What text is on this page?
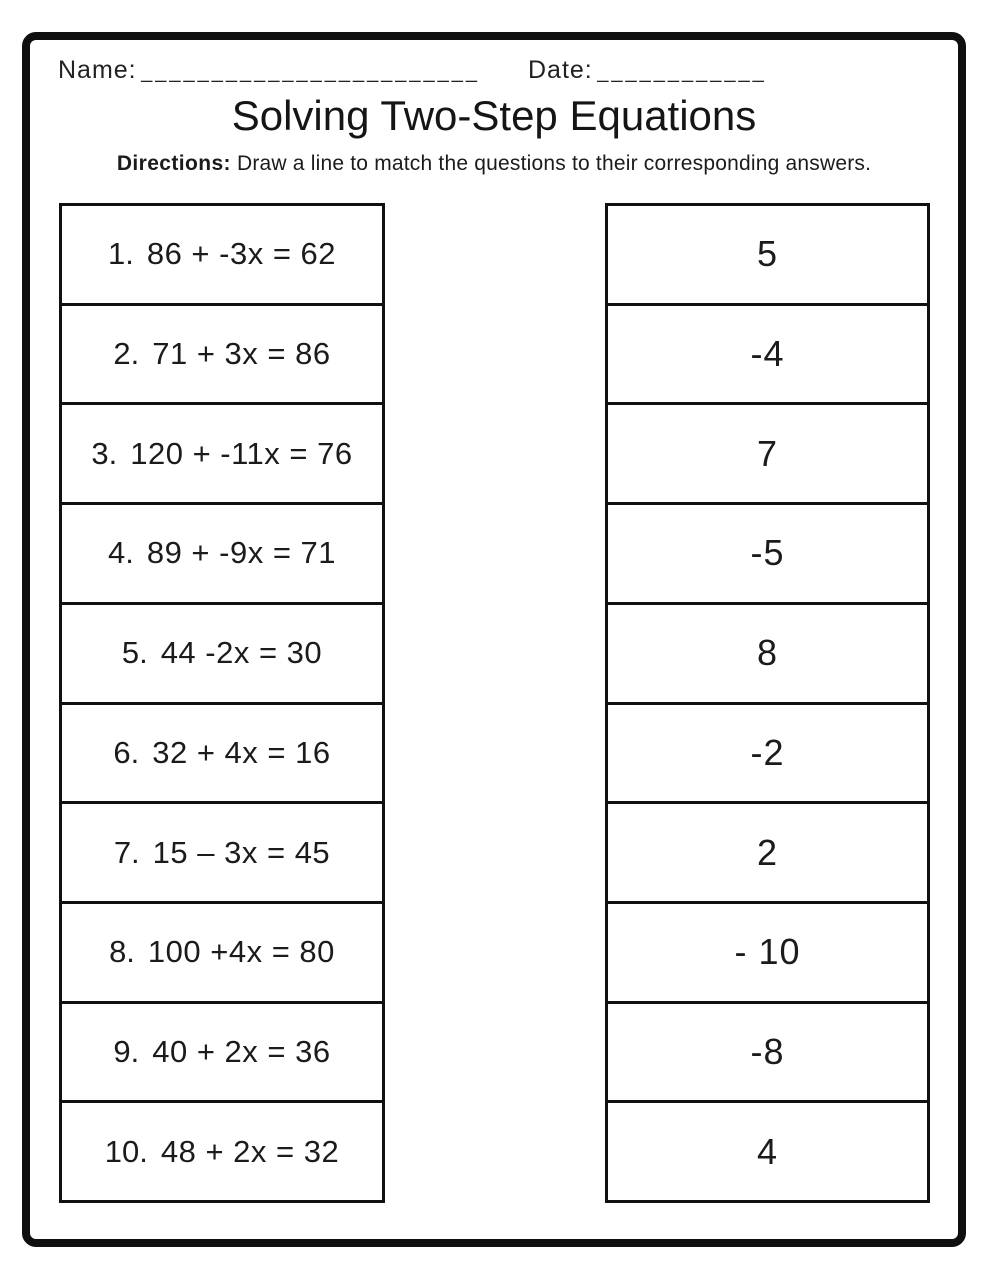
Name: ________________________ Date: ____________
Solving Two-Step Equations
Directions: Draw a line to match the questions to their corresponding answers.
1. 86 + -3x = 62
2. 71 + 3x = 86
3. 120 + -11x = 76
4. 89 + -9x = 71
5. 44 -2x = 30
6. 32 + 4x = 16
7. 15 – 3x = 45
8. 100 +4x = 80
9. 40 + 2x = 36
10. 48 + 2x = 32
5
-4
7
-5
8
-2
2
- 10
-8
4
